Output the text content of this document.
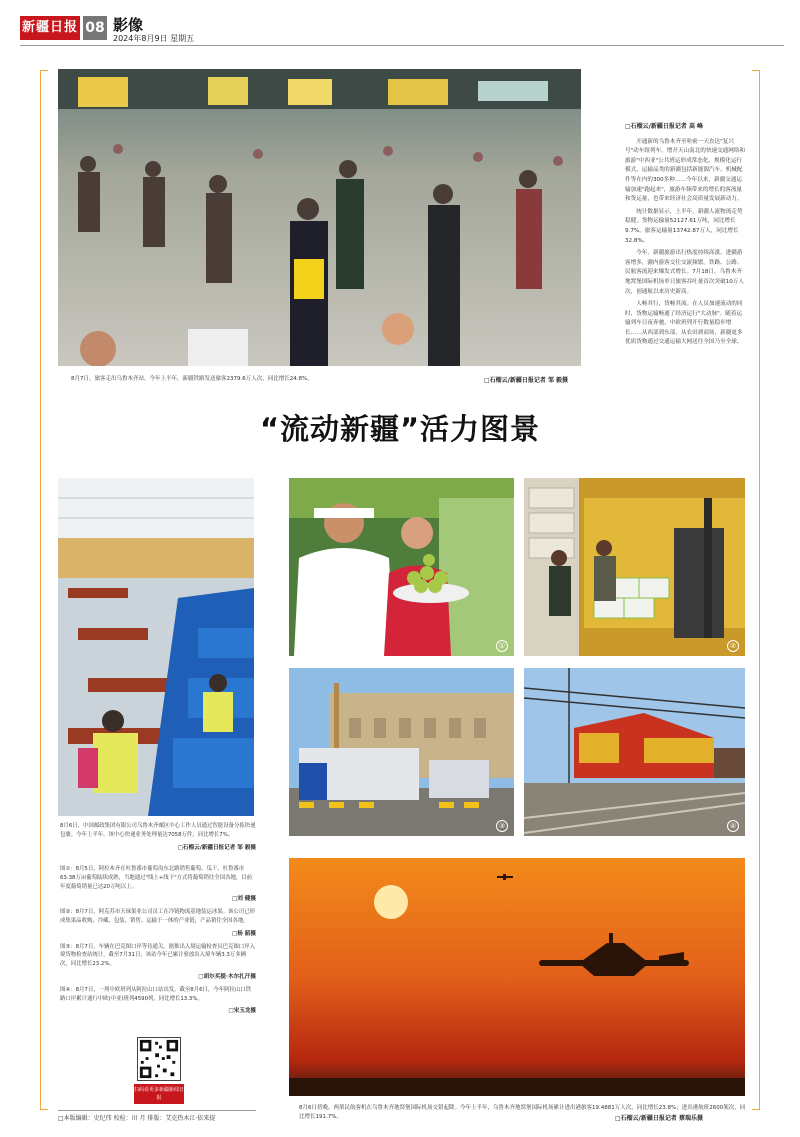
新疆日报 08 影像
2024年8月9日 星期五
8月7日，旅客走出乌鲁木齐站。今年上半年，新疆铁路发送旅客2379.6万人次，同比增长24.8%。	□石榴云/新疆日报记者 邹 毅摄
□石榴云/新疆日报记者 高 峰

开通新的乌鲁木齐至哈密一天直达"复兴号"动车组列车，增开天山南北的快速交通网络和旅游"中西亚"公共班运形成常态化、规模化运行模式，运输品类的新疆包括新能源汽车、机械配件等在内的300多种……今年以来，新疆交通运输加速"跑起来"，旅游车频带来的增长的客流量和货运量，也带来经济社会高质量发展新动力。

统计数据显示，上半年，新疆人流物流走势稳健，货物运输量52127.61万吨，同比增长9.7%，旅客运输量13742.87万人，同比增长32.8%。

今年，新疆旅游出行热度持续高涨，进疆游客增多，疆内游客交往交流频繁。铁路、公路、民航客流迎来爆发式增长。7月18日，乌鲁木齐地窝堡国际机场单日旅客吞吐量首次突破10万人次，创通航以来历史新高。

人畅其行，货畅其流。在人员加速流动的同时，货物运输畅通了经济运行"大动脉"。随着运输列车日夜奔驰，中欧班列开行数量稳步增长……从西部到东部，从农田到商场，新疆更多优质货物通过交通运输大网送往全国乃至全球。

“流动新疆”活力图景

8月6日，中国邮政集团有限公司乌鲁木齐邮区中心工作人员通过智能设备分拣快递包裹。今年上半年，该中心快递业务处理量达7058万件，同比增长7%。

□石榴云/新疆日报记者 邹 毅摄

图①：8月5日，阿拉木齐在吐鲁番市葡萄沟东北路销售葡萄、瓜干。吐鲁番市63.38万亩葡萄陆续成熟，当地通过"线上+线下"方式将葡萄销往全国各地，目前年度葡萄销量已达20万吨以上。

□刘 健摄

图②：8月7日，阿克苏市天禄果业公司员工在冷链物流基地装运冰果。该公司已形成集果品收购、冷藏、包装、销售、运输于一体的产业链，产品销往全国各地。

□杨 韶摄

图③：8月7日，车辆在巴克图口岸等待通关。据推出入境运输检查员巴克图口岸入境货物检查站统计，截至7月31日，该站今年已累计验放出入境车辆3.3万多辆次，同比增长23.2%。

□胡尔买提·木尔扎汗摄

图④：8月7日，一列中欧班列从阿拉山口站出发。截至8月6日，今年阿拉山口铁路口岸累计通行中欧(中亚)班列4590列，同比增长13.3%。

□宋玉龙摄
①	②
③	④
8月6日傍晚，两架民航客机在乌鲁木齐地窝堡国际机场交错起降。今年上半年，乌鲁木齐地窝堡国际机场累计进出港旅客19.4881万人次，同比增长23.8%；进出港航班2600架次，同比增长191.7%。	□石榴云/新疆日报记者 蔡瑞乐摄
扫码看更多新疆新闻日报
□本版编辑：史纪伟 校检：田 月 排版：艾克热木江·依来提
